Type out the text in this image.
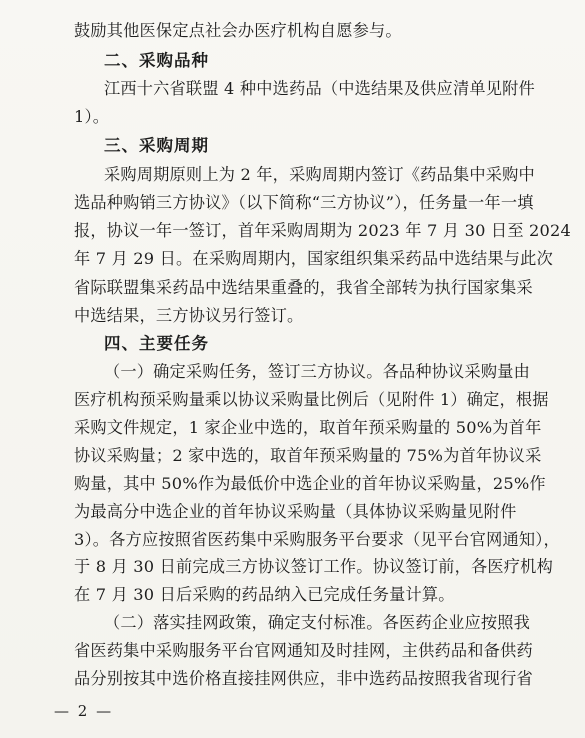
鼓励其他医保定点社会办医疗机构自愿参与。
二、采购品种
江西十六省联盟 4 种中选药品（中选结果及供应清单见附件
1）。
三、采购周期
采购周期原则上为 2 年，采购周期内签订《药品集中采购中
选品种购销三方协议》（以下简称“三方协议”），任务量一年一填
报，协议一年一签订，首年采购周期为 2023 年 7 月 30 日至 2024
年 7 月 29 日。在采购周期内，国家组织集采药品中选结果与此次
省际联盟集采药品中选结果重叠的，我省全部转为执行国家集采
中选结果，三方协议另行签订。
四、主要任务
（一）确定采购任务，签订三方协议。各品种协议采购量由
医疗机构预采购量乘以协议采购量比例后（见附件 1）确定，根据
采购文件规定，1 家企业中选的，取首年预采购量的 50%为首年
协议采购量；2 家中选的，取首年预采购量的 75%为首年协议采
购量，其中 50%作为最低价中选企业的首年协议采购量，25%作
为最高分中选企业的首年协议采购量（具体协议采购量见附件
3）。各方应按照省医药集中采购服务平台要求（见平台官网通知），
于 8 月 30 日前完成三方协议签订工作。协议签订前，各医疗机构
在 7 月 30 日后采购的药品纳入已完成任务量计算。
（二）落实挂网政策，确定支付标准。各医药企业应按照我
省医药集中采购服务平台官网通知及时挂网，主供药品和备供药
品分别按其中选价格直接挂网供应，非中选药品按照我省现行省
— 2 —
